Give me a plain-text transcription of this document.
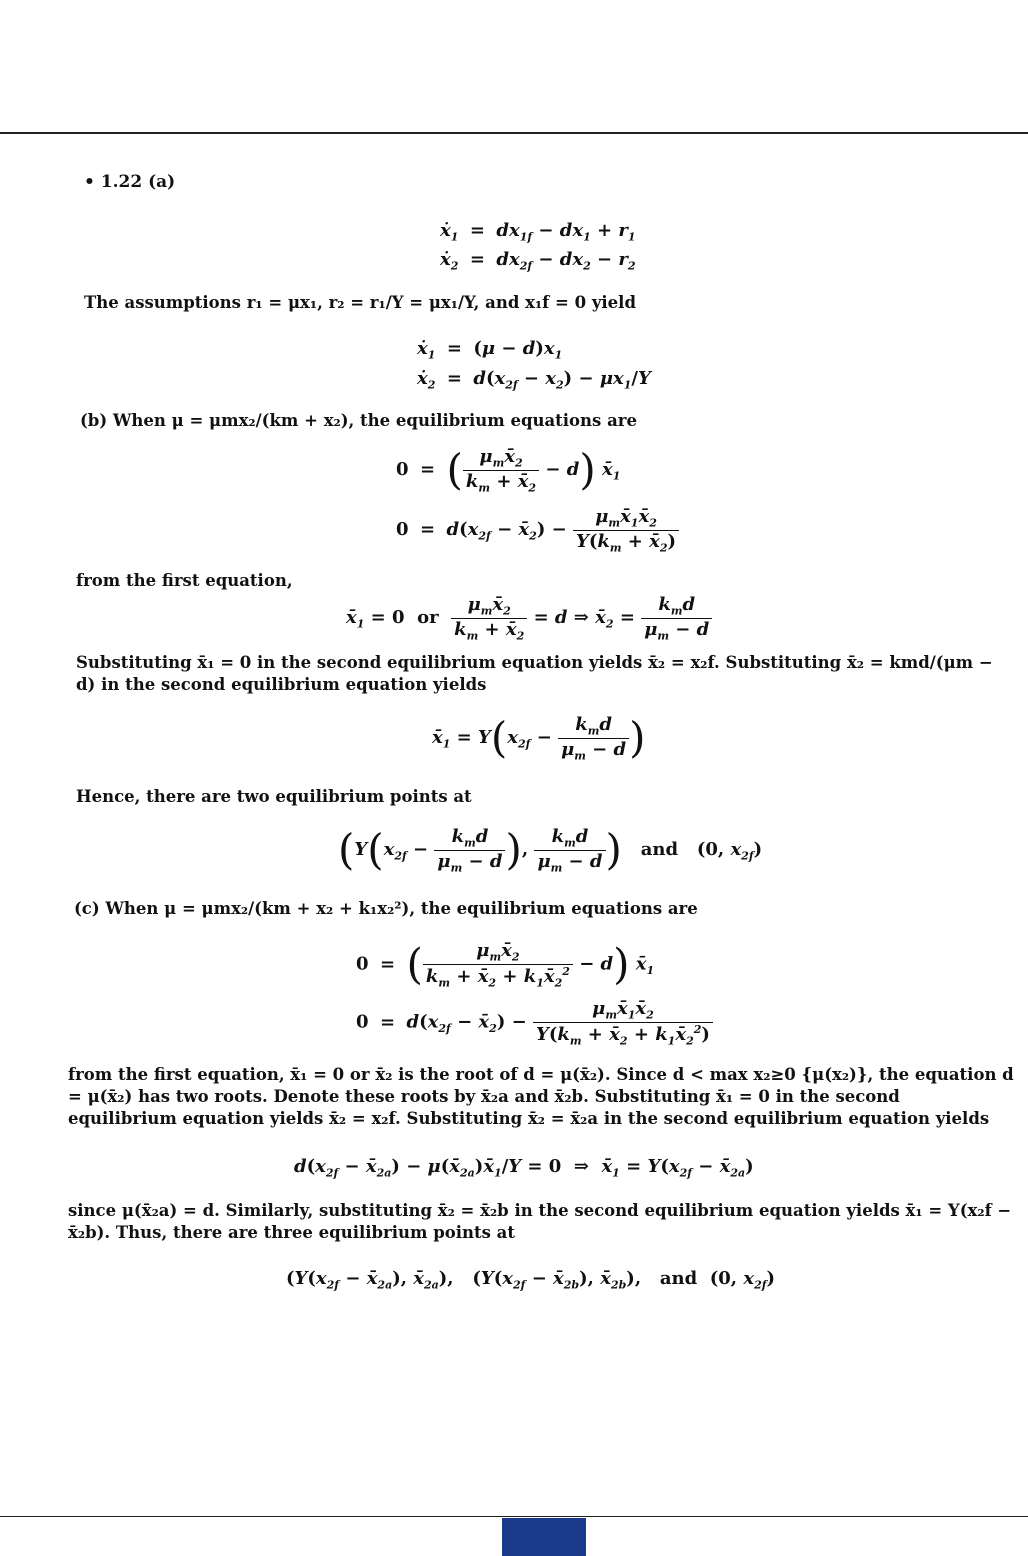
• 1.22 (a)
ẋ$_1$ = $dx_{1f} - dx_1 + r_1$
ẋ$_2$ = $dx_{2f} - dx_2 - r_2$
The assumptions r₁ = μx₁, r₂ = r₁/Y = μx₁/Y, and x₁f = 0 yield
ẋ$_1$ = $(\mu - d)x_1$
ẋ$_2$ = $d(x_{2f} - x_2) - \mu x_1/Y$
(b) When μ = μmx₂/(km + x₂), the equilibrium equations are
0 = ( $\frac{\mu_mx̄_2}{k_m + x̄_2} - d$) $x̄_1$
$0 = d(x_{2f}$ − $x̄_2) - \frac{\mu_mx̄_1x̄_2}{Y(k_m + x̄_2)}$
from the first equation,
$x̄_1 = 0$  or $\frac{\mu_mx̄_2}{k_m + x̄_2} = d$ ⇒ $x̄_2 = \frac{k_md}{\mu_m - d}$
Substituting x̄₁ = 0 in the second equilibrium equation yields x̄₂ = x₂f. Substituting x̄₂ = kmd/(μm − d) in the second equilibrium equation yields
$x̄_1 = Y(x_{2f} - \frac{k_md}{\mu_m - d}$ )
Hence, there are two equilibrium points at
($Y(x_{2f} - \frac{k_md}{\mu_m - d}$ ), $\frac{k_md}{\mu_m - d}$ ) and (0, $x_{2f}$)
(c) When μ = μmx₂/(km + x₂ + k₁x₂²), the equilibrium equations are
0 = ( $\frac{\mu_mx̄_2}{k_m + x̄_2 + k_1x̄_2^2} - d$) $x̄_1$
$0 = d(x_{2f}$ − $x̄_2) - \frac{\mu_mx̄_1x̄_2}{Y(k_m + x̄_2 + k_1x̄_2^2)}$
from the first equation, x̄₁ = 0 or x̄₂ is the root of d = μ(x̄₂). Since d < max x₂≥0 {μ(x₂)}, the equation d = μ(x̄₂) has two roots. Denote these roots by x̄₂a and x̄₂b. Substituting x̄₁ = 0 in the second equilibrium equation yields x̄₂ = x₂f. Substituting x̄₂ = x̄₂a in the second equilibrium equation yields
$d(x_{2f}$ − $x̄_{2a}$) − $\mu(x̄_{2a})x̄_1/Y = 0$  ⇒  $x̄_1 = Y(x_{2f}$ − $x̄_{2a}$)
since μ(x̄₂a) = d. Similarly, substituting x̄₂ = x̄₂b in the second equilibrium equation yields x̄₁ = Y(x₂f − x̄₂b). Thus, there are three equilibrium points at
($Y(x_{2f}$ − $x̄_{2a}$), $x̄_{2a}$),   ($Y(x_{2f}$ − $x̄_{2b}$), $x̄_{2b}$),   and  (0, $x_{2f}$)
